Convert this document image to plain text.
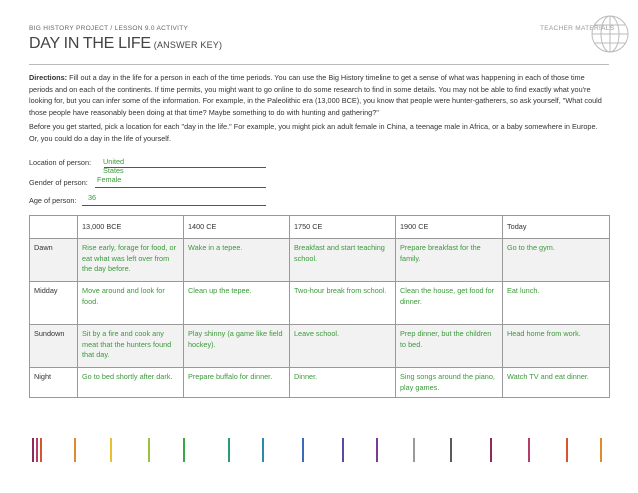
BIG HISTORY PROJECT / LESSON 9.0 ACTIVITY
DAY IN THE LIFE (ANSWER KEY)
TEACHER MATERIALS
Directions: Fill out a day in the life for a person in each of the time periods. You can use the Big History timeline to get a sense of what was happening in each of those time periods and on each of the continents. If time permits, you might want to go online to do some research to find in some details. You may not be able to find exactly what you're looking for, but you can infer some of the information. For example, in the Paleolithic era (13,000 BCE), you know that people were hunter-gatherers, so ask yourself, "What could those people have reasonably been doing at that time? Maybe something to do with hunting and gathering?"
Before you get started, pick a location for each "day in the life." For example, you might pick an adult female in China, a teenage male in Africa, or a baby somewhere in Europe. Or, you could do a day in the life of yourself.
Location of person: United States
Gender of person: Female
Age of person: 36
	13,000 BCE	1400 CE	1750 CE	1900 CE	Today
Dawn	Rise early, forage for food, or eat what was left over from the day before.	Wake in a tepee.	Breakfast and start teaching school.	Prepare breakfast for the family.	Go to the gym.
Midday	Move around and look for food.	Clean up the tepee.	Two-hour break from school.	Clean the house, get food for dinner.	Eat lunch.
Sundown	Sit by a fire and cook any meat that the hunters found that day.	Play shinny (a game like field hockey).	Leave school.	Prep dinner, but the children to bed.	Head home from work.
Night	Go to bed shortly after dark.	Prepare buffalo for dinner.	Dinner.	Sing songs around the piano, play games.	Watch TV and eat dinner.
